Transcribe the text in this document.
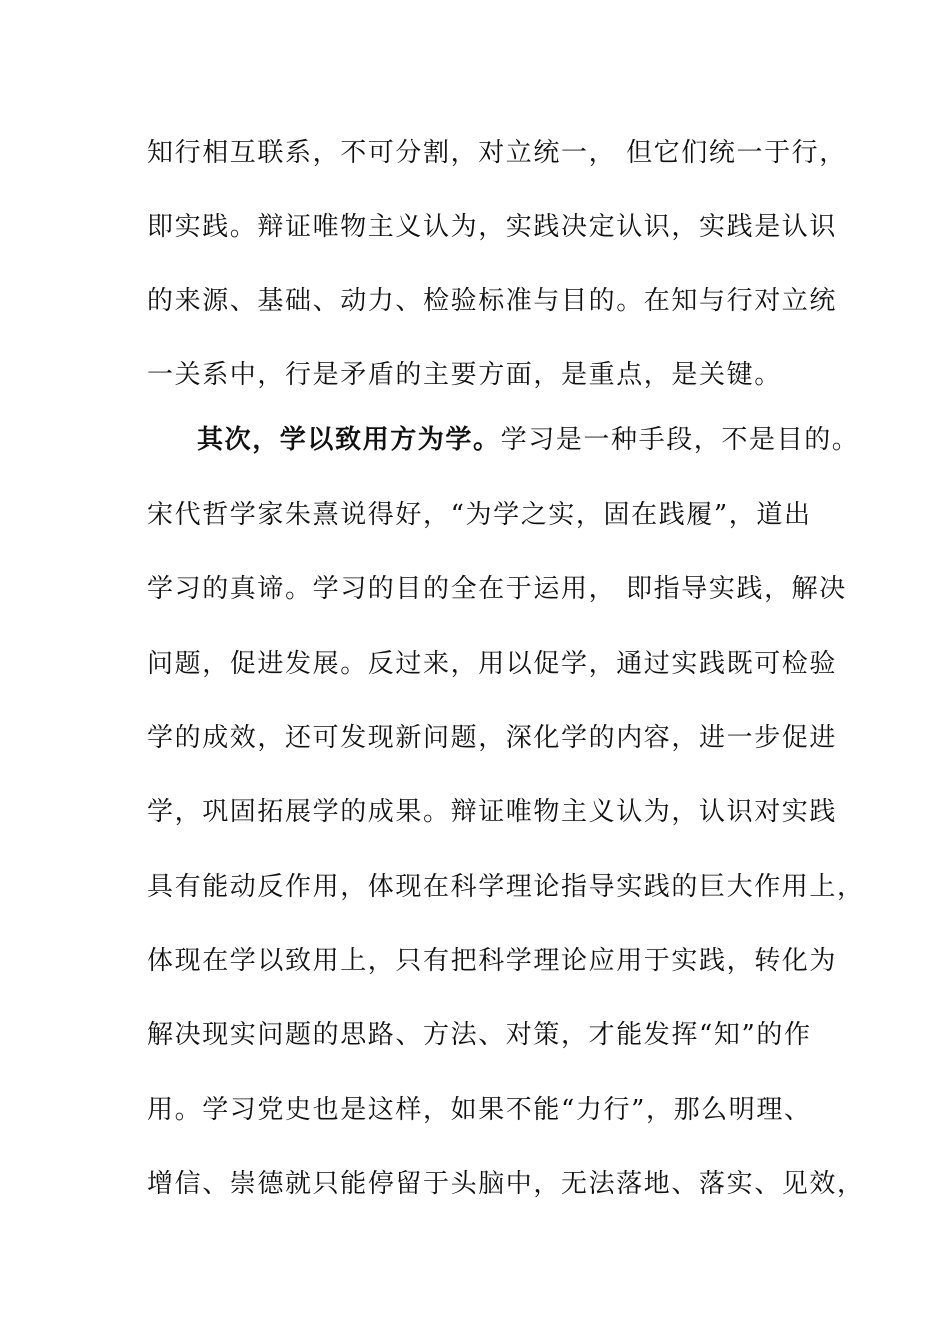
知行相互联系，不可分割，对立统一， 但它们统一于行，
即实践。辩证唯物主义认为，实践决定认识，实践是认识
的来源、基础、动力、检验标准与目的。在知与行对立统
一关系中，行是矛盾的主要方面，是重点，是关键。
其次，学以致用方为学。学习是一种手段，不是目的。
宋代哲学家朱熹说得好，“为学之实，固在践履”，道出
学习的真谛。学习的目的全在于运用， 即指导实践，解决
问题，促进发展。反过来，用以促学，通过实践既可检验
学的成效，还可发现新问题，深化学的内容，进一步促进
学，巩固拓展学的成果。辩证唯物主义认为，认识对实践
具有能动反作用，体现在科学理论指导实践的巨大作用上，
体现在学以致用上，只有把科学理论应用于实践，转化为
解决现实问题的思路、方法、对策，才能发挥“知”的作
用。学习党史也是这样，如果不能“力行”，那么明理、
增信、崇德就只能停留于头脑中，无法落地、落实、见效，
